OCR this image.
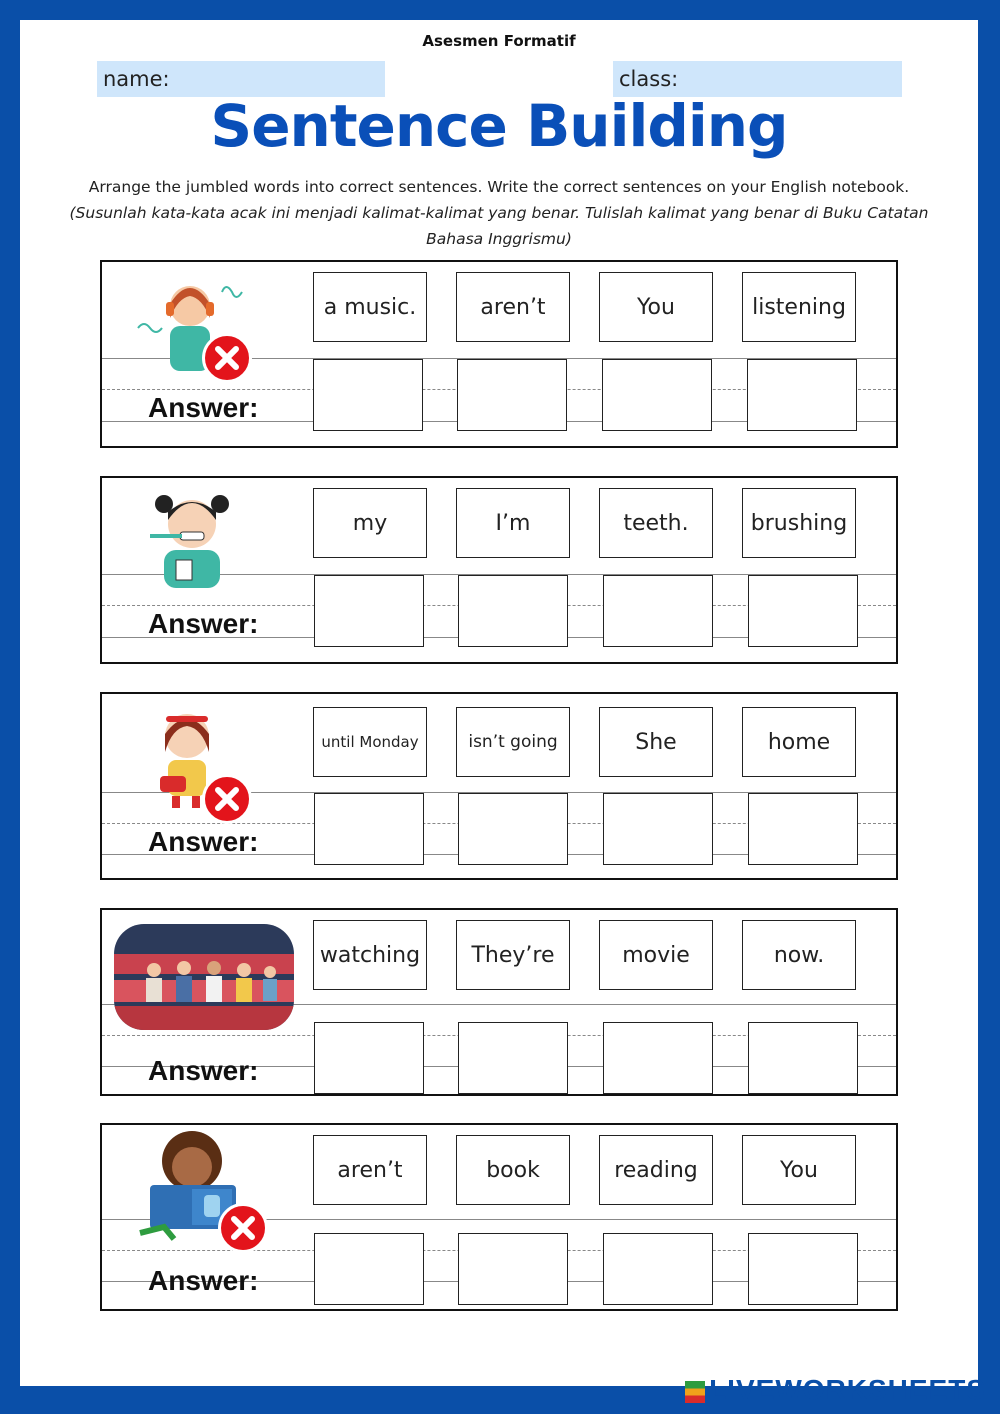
Asesmen Formatif
name:	class:
Sentence Building
Arrange the jumbled words into correct sentences. Write the correct sentences on your English notebook.
(Susunlah kata-kata acak ini menjadi kalimat-kalimat yang benar. Tulislah kalimat yang benar di Buku Catatan Bahasa Inggrismu)
a music.	aren’t	You	listening
Answer:
my	I’m	teeth.	brushing
Answer:
until Monday	isn’t going	She	home
Answer:
watching	They’re	movie	now.
Answer:
aren’t	book	reading	You
Answer:
LIVEWORKSHEETS
